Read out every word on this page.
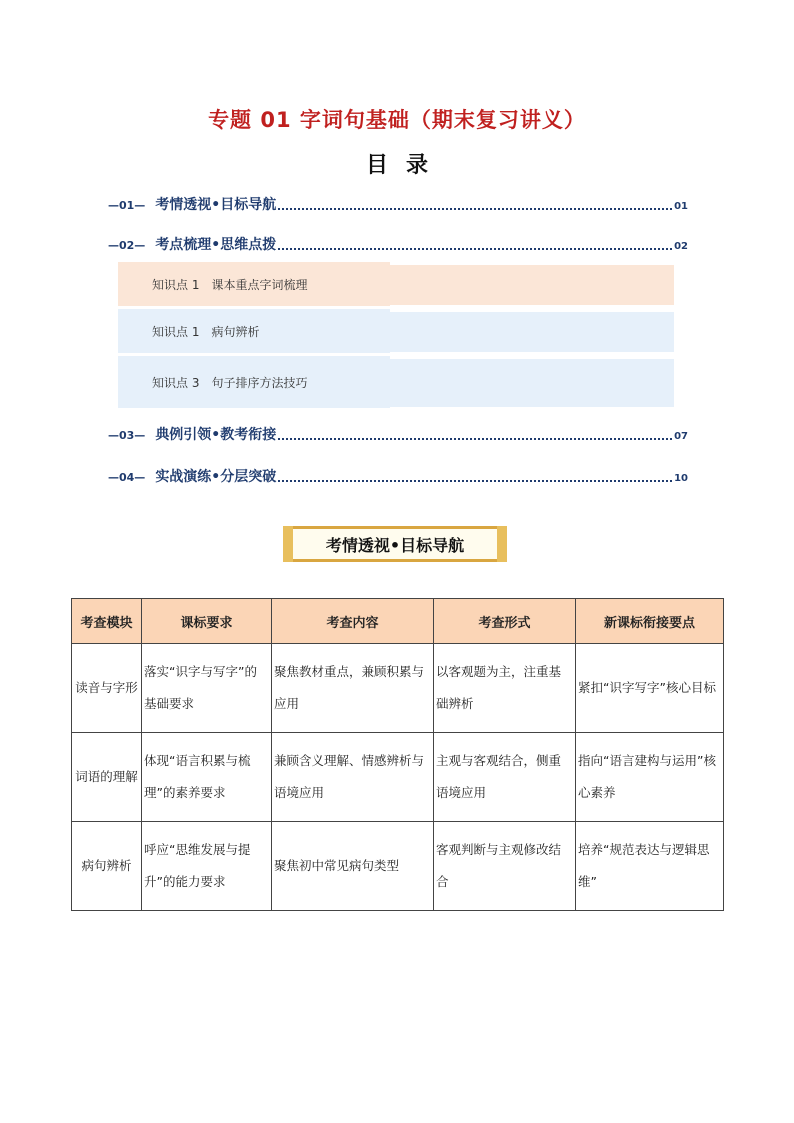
专题 01 字词句基础（期末复习讲义）
目录
—01— 考情透视•目标导航	01
—02— 考点梳理•思维点拨	02
知识点 1 课本重点字词梳理
知识点 1 病句辨析
知识点 3 句子排序方法技巧
—03— 典例引领•教考衔接	07
—04— 实战演练•分层突破	10
考情透视•目标导航
考查模块	课标要求	考查内容	考查形式	新课标衔接要点
读音与字形	落实“识字与写字”的基础要求	聚焦教材重点，兼顾积累与应用	以客观题为主，注重基础辨析	紧扣“识字写字”核心目标
词语的理解	体现“语言积累与梳理”的素养要求	兼顾含义理解、情感辨析与语境应用	主观与客观结合，侧重语境应用	指向“语言建构与运用”核心素养
病句辨析	呼应“思维发展与提升”的能力要求	聚焦初中常见病句类型	客观判断与主观修改结合	培养“规范表达与逻辑思维”
